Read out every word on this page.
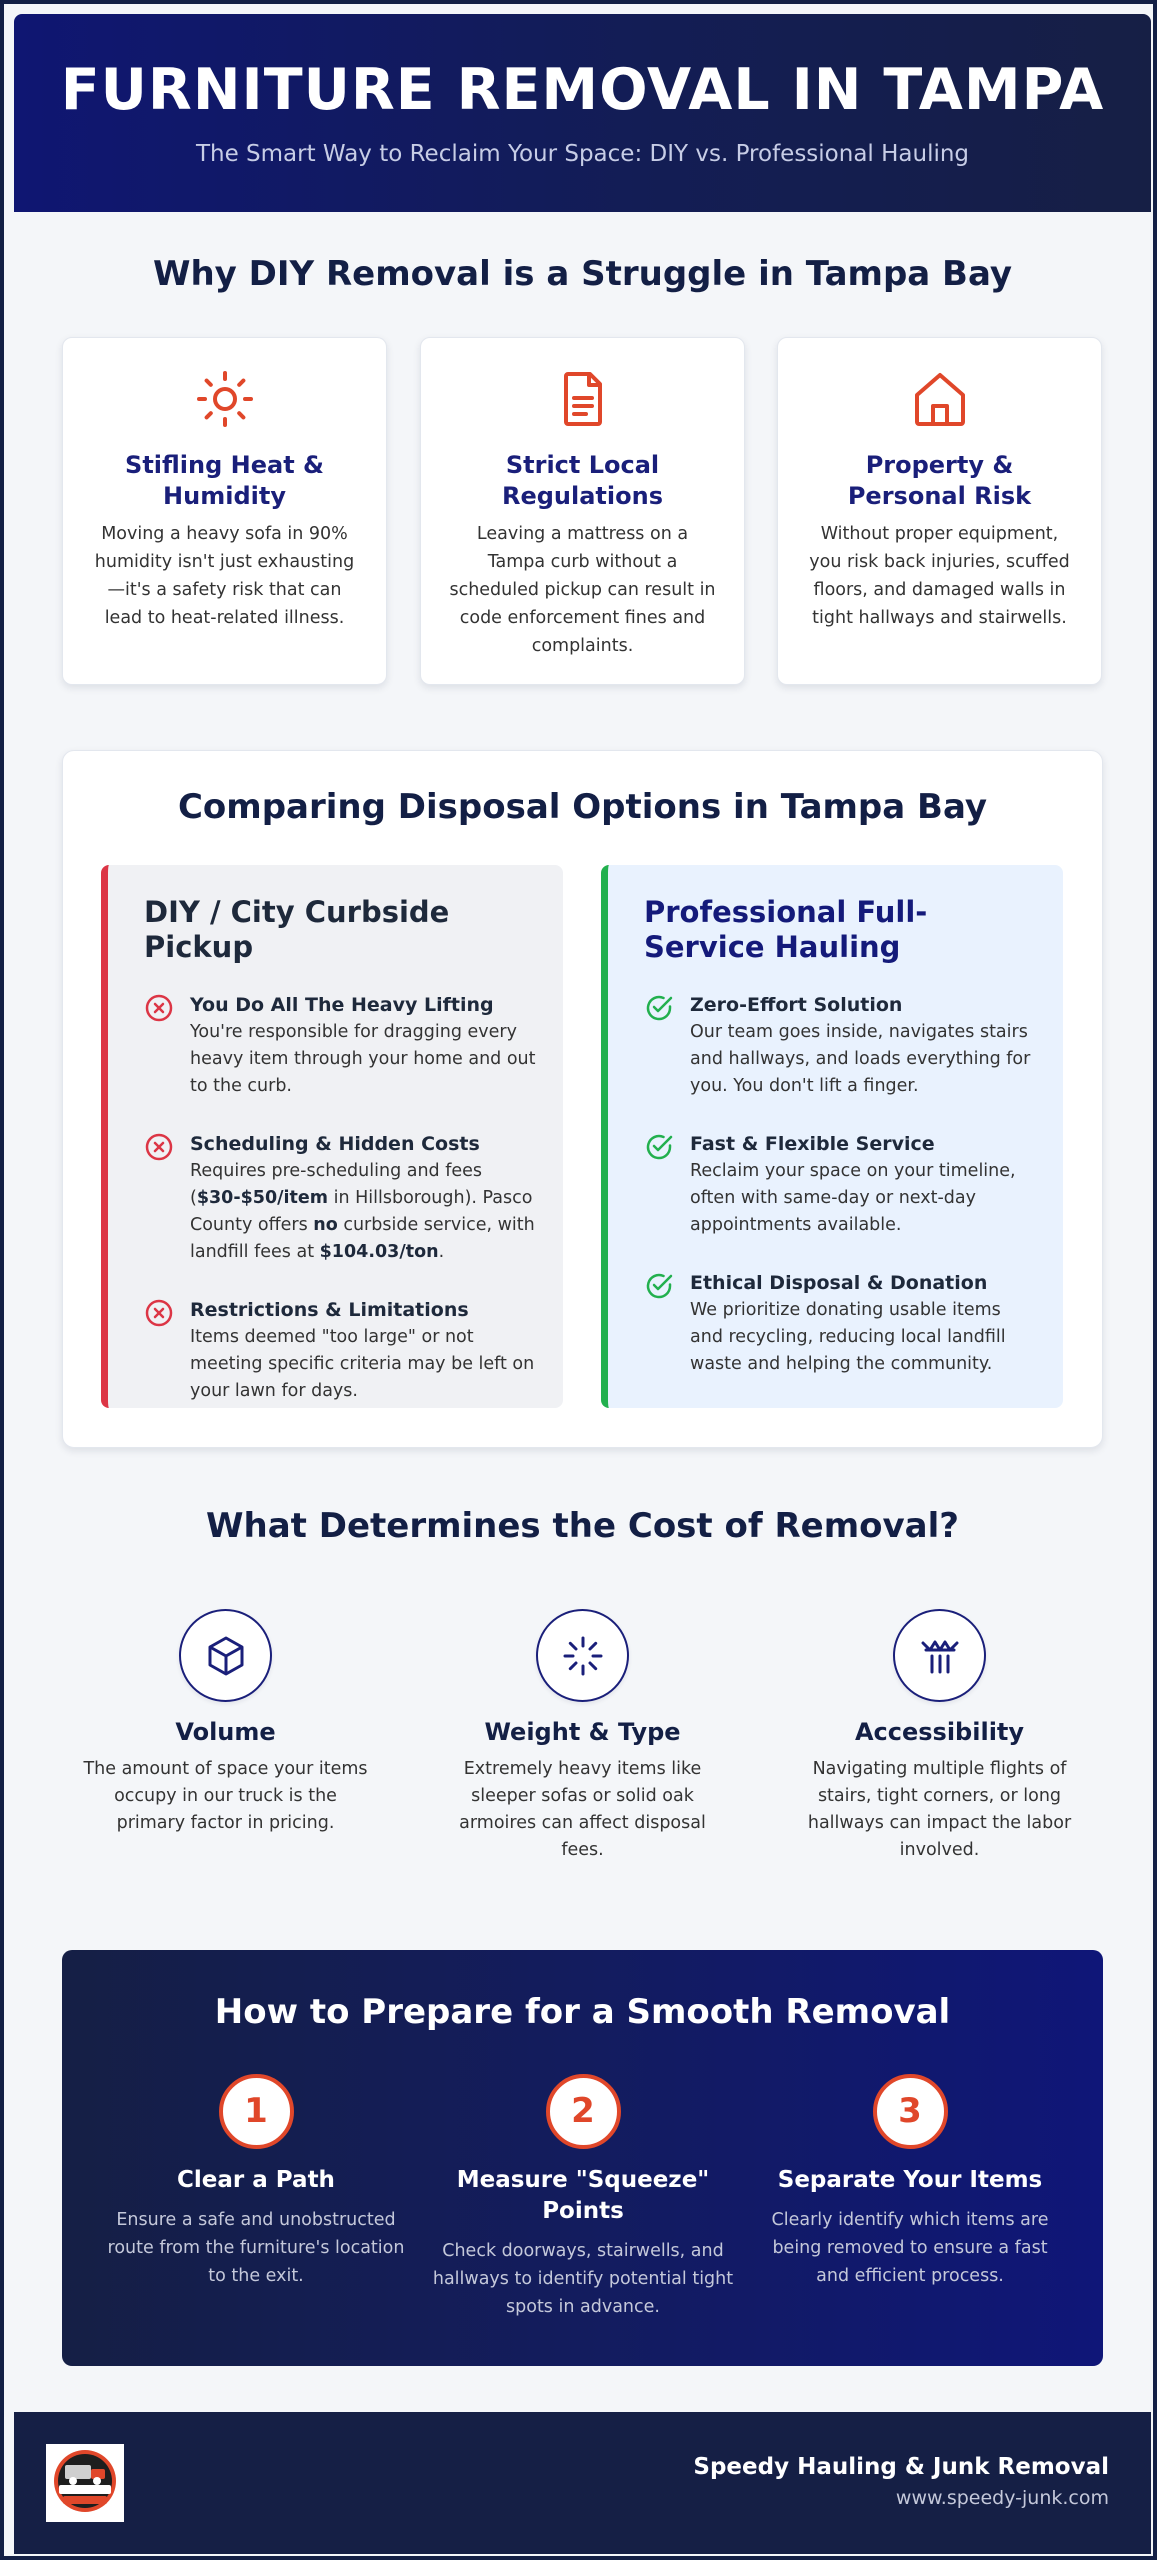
FURNITURE REMOVAL IN TAMPA

The Smart Way to Reclaim Your Space: DIY vs. Professional Hauling

Why DIY Removal is a Struggle in Tampa Bay
Stifling Heat & Humidity

Moving a heavy sofa in 90% humidity isn't just exhausting—it's a safety risk that can lead to heat-related illness.

Strict Local Regulations

Leaving a mattress on a Tampa curb without a scheduled pickup can result in code enforcement fines and complaints.

Property & Personal Risk

Without proper equipment, you risk back injuries, scuffed floors, and damaged walls in tight hallways and stairwells.

Comparing Disposal Options in Tampa Bay
DIY / City Curbside Pickup
You Do All The Heavy Lifting

You're responsible for dragging every heavy item through your home and out to the curb.

Scheduling & Hidden Costs

Requires pre-scheduling and fees ($30-$50/item in Hillsborough). Pasco County offers no curbside service, with landfill fees at $104.03/ton.

Restrictions & Limitations

Items deemed "too large" or not meeting specific criteria may be left on your lawn for days.

Professional Full-Service Hauling
Zero-Effort Solution

Our team goes inside, navigates stairs and hallways, and loads everything for you. You don't lift a finger.

Fast & Flexible Service

Reclaim your space on your timeline, often with same-day or next-day appointments available.

Ethical Disposal & Donation

We prioritize donating usable items and recycling, reducing local landfill waste and helping the community.

What Determines the Cost of Removal?
Volume

The amount of space your items occupy in our truck is the primary factor in pricing.

Weight & Type

Extremely heavy items like sleeper sofas or solid oak armoires can affect disposal fees.

Accessibility

Navigating multiple flights of stairs, tight corners, or long hallways can impact the labor involved.

How to Prepare for a Smooth Removal
1
Clear a Path

Ensure a safe and unobstructed route from the furniture's location to the exit.

2
Measure "Squeeze" Points

Check doorways, stairwells, and hallways to identify potential tight spots in advance.

3
Separate Your Items

Clearly identify which items are being removed to ensure a fast and efficient process.

Speedy Hauling & Junk Removal
www.speedy-junk.com
